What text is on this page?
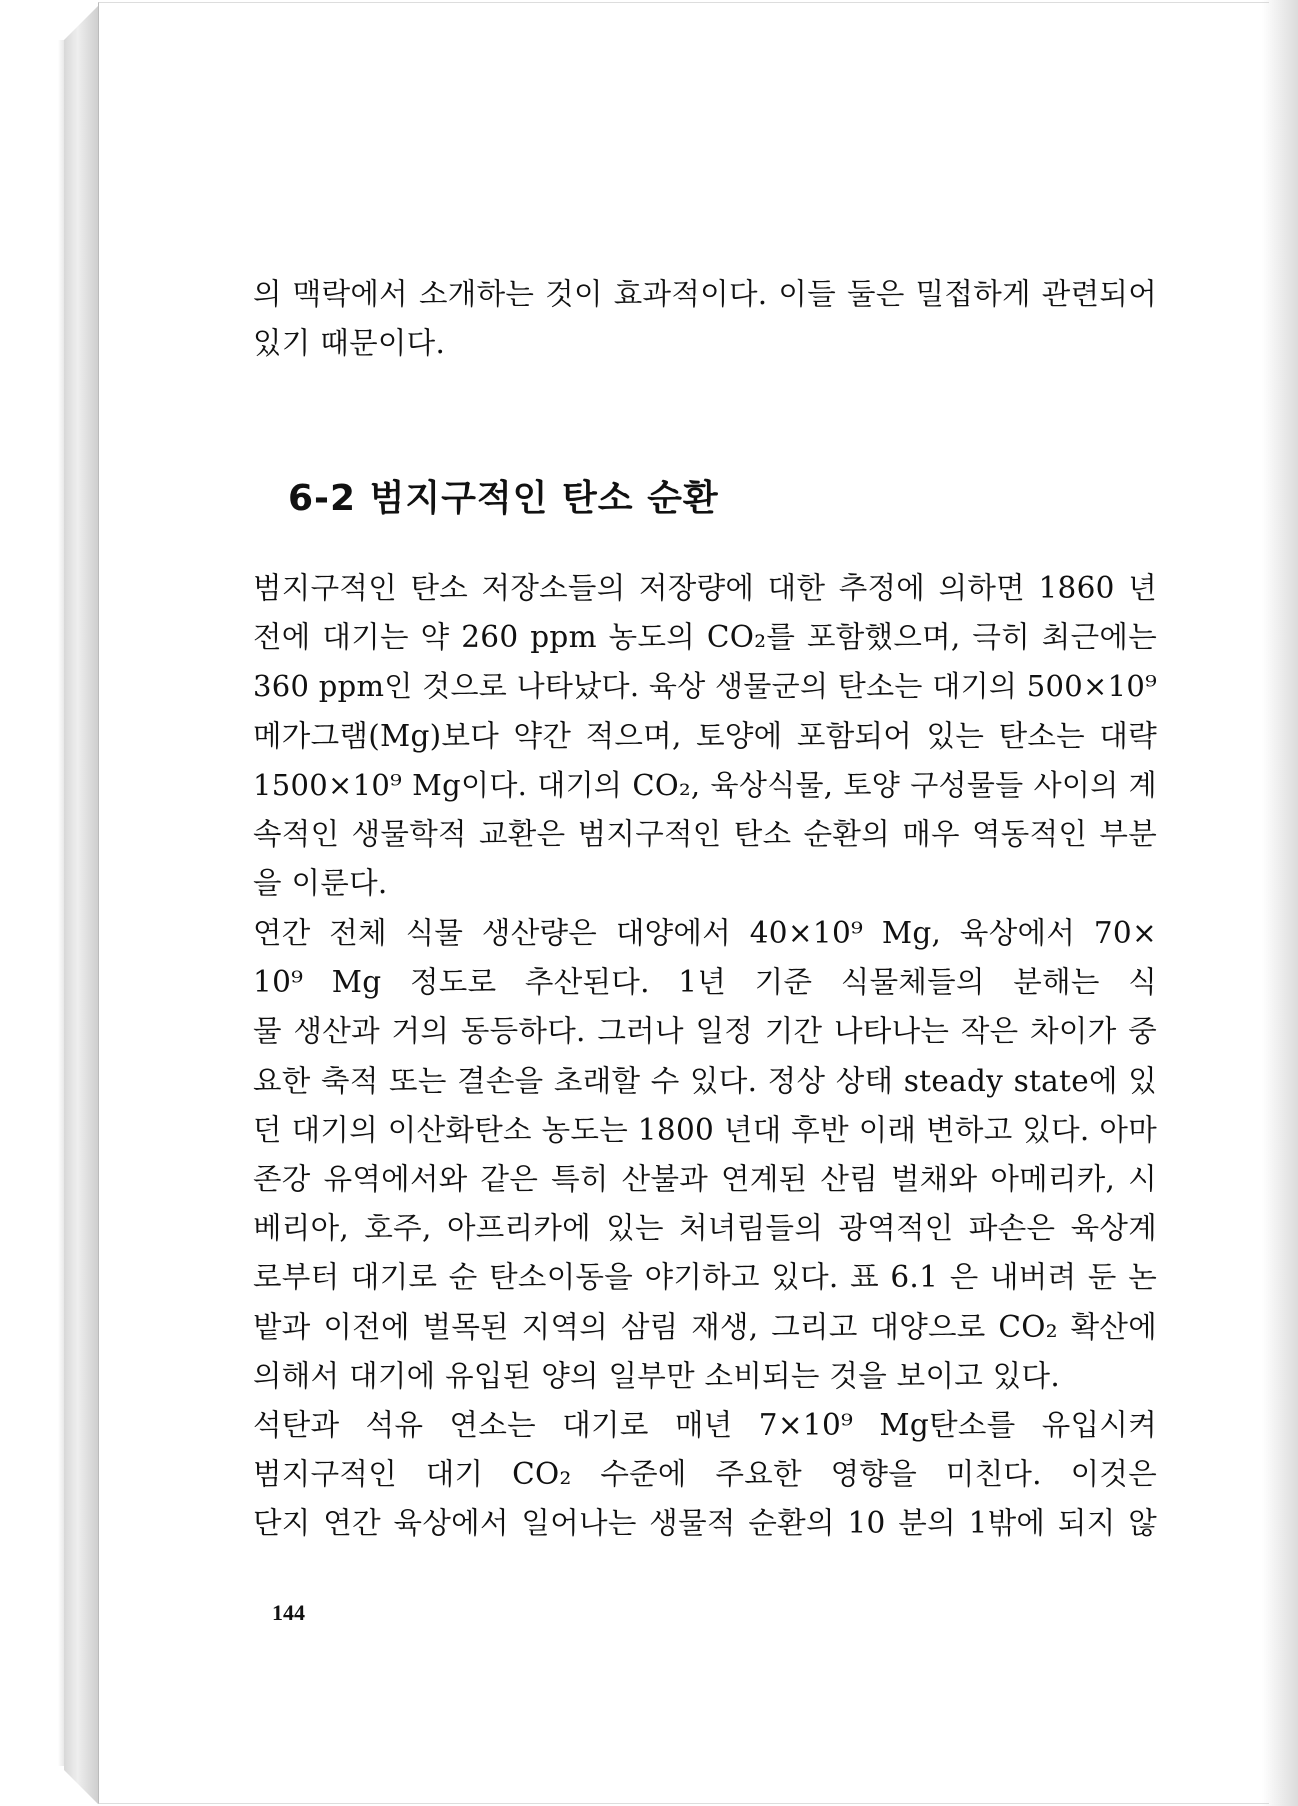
의 맥락에서 소개하는 것이 효과적이다. 이들 둘은 밀접하게 관련되어
있기 때문이다.
6-2 범지구적인 탄소 순환
범지구적인 탄소 저장소들의 저장량에 대한 추정에 의하면 1860 년
전에 대기는 약 260 ppm 농도의 CO₂를 포함했으며, 극히 최근에는
360 ppm인 것으로 나타났다. 육상 생물군의 탄소는 대기의 500×10⁹
메가그램(Mg)보다 약간 적으며, 토양에 포함되어 있는 탄소는 대략
1500×10⁹ Mg이다. 대기의 CO₂, 육상식물, 토양 구성물들 사이의 계
속적인 생물학적 교환은 범지구적인 탄소 순환의 매우 역동적인 부분
을 이룬다.
연간 전체 식물 생산량은 대양에서 40×10⁹ Mg, 육상에서 70×
10⁹ Mg 정도로 추산된다. 1년 기준 식물체들의 분해는 식
물 생산과 거의 동등하다. 그러나 일정 기간 나타나는 작은 차이가 중
요한 축적 또는 결손을 초래할 수 있다. 정상 상태 steady state에 있
던 대기의 이산화탄소 농도는 1800 년대 후반 이래 변하고 있다. 아마
존강 유역에서와 같은 특히 산불과 연계된 산림 벌채와 아메리카, 시
베리아, 호주, 아프리카에 있는 처녀림들의 광역적인 파손은 육상계
로부터 대기로 순 탄소이동을 야기하고 있다. 표 6.1 은 내버려 둔 논
밭과 이전에 벌목된 지역의 삼림 재생, 그리고 대양으로 CO₂ 확산에
의해서 대기에 유입된 양의 일부만 소비되는 것을 보이고 있다.
석탄과 석유 연소는 대기로 매년 7×10⁹ Mg탄소를 유입시켜
범지구적인 대기 CO₂ 수준에 주요한 영향을 미친다. 이것은
단지 연간 육상에서 일어나는 생물적 순환의 10 분의 1밖에 되지 않
144
